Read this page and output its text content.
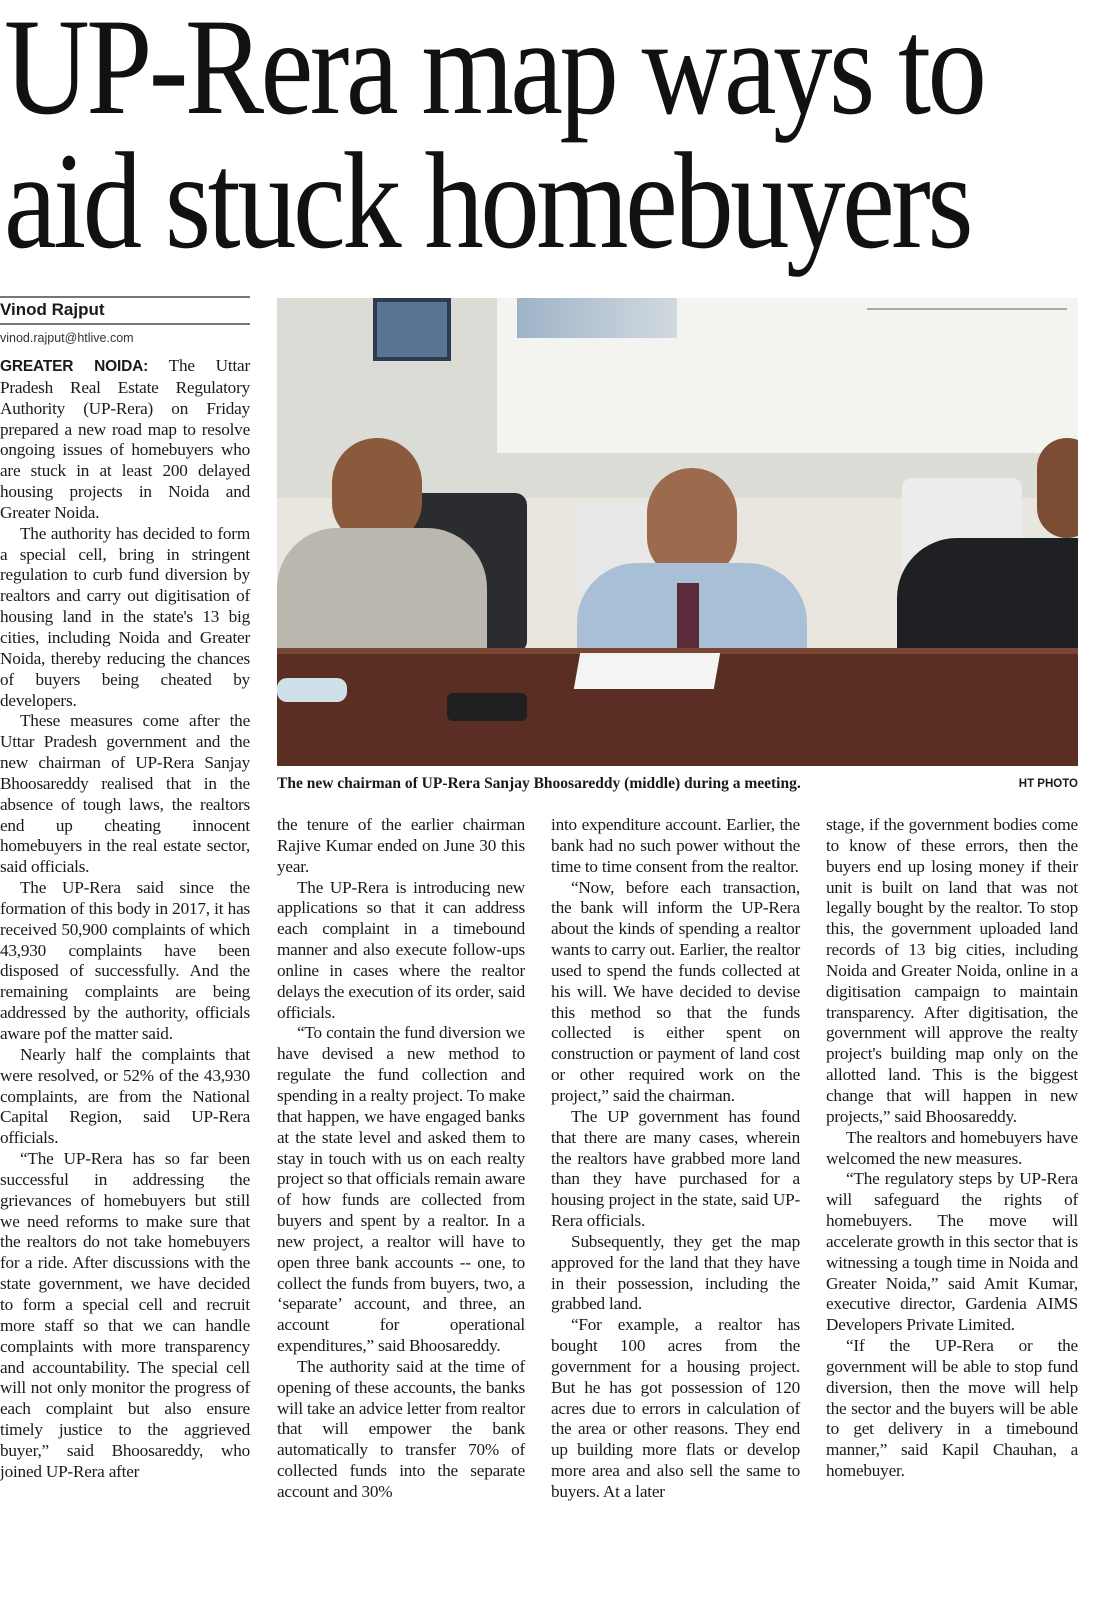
UP-Rera map ways to
aid stuck homebuyers
Vinod Rajput
vinod.rajput@htlive.com

GREATER NOIDA: The Uttar Pradesh Real Estate Regulatory Authority (UP-Rera) on Friday prepared a new road map to resolve ongoing issues of homebuyers who are stuck in at least 200 delayed housing projects in Noida and Greater Noida.

The authority has decided to form a special cell, bring in stringent regulation to curb fund diversion by realtors and carry out digitisation of housing land in the state's 13 big cities, including Noida and Greater Noida, thereby reducing the chances of buyers being cheated by developers.

These measures come after the Uttar Pradesh government and the new chairman of UP-Rera Sanjay Bhoosareddy realised that in the absence of tough laws, the realtors end up cheating innocent homebuyers in the real estate sector, said officials.

The UP-Rera said since the formation of this body in 2017, it has received 50,900 complaints of which 43,930 complaints have been disposed of successfully. And the remaining complaints are being addressed by the authority, officials aware pof the matter said.

Nearly half the complaints that were resolved, or 52% of the 43,930 complaints, are from the National Capital Region, said UP-Rera officials.

“The UP-Rera has so far been successful in addressing the grievances of homebuyers but still we need reforms to make sure that the realtors do not take homebuyers for a ride. After discussions with the state government, we have decided to form a special cell and recruit more staff so that we can handle complaints with more transparency and accountability. The special cell will not only monitor the progress of each complaint but also ensure timely justice to the aggrieved buyer,” said Bhoosareddy, who joined UP-Rera after

The new chairman of UP-Rera Sanjay Bhoosareddy (middle) during a meeting.	HT PHOTO

the tenure of the earlier chairman Rajive Kumar ended on June 30 this year.

The UP-Rera is introducing new applications so that it can address each complaint in a timebound manner and also execute follow-ups online in cases where the realtor delays the execution of its order, said officials.

“To contain the fund diversion we have devised a new method to regulate the fund collection and spending in a realty project. To make that happen, we have engaged banks at the state level and asked them to stay in touch with us on each realty project so that officials remain aware of how funds are collected from buyers and spent by a realtor. In a new project, a realtor will have to open three bank accounts -- one, to collect the funds from buyers, two, a ‘separate’ account, and three, an account for operational expenditures,” said Bhoosareddy.

The authority said at the time of opening of these accounts, the banks will take an advice letter from realtor that will empower the bank automatically to transfer 70% of collected funds into the separate account and 30%

into expenditure account. Earlier, the bank had no such power without the time to time consent from the realtor.

“Now, before each transaction, the bank will inform the UP-Rera about the kinds of spending a realtor wants to carry out. Earlier, the realtor used to spend the funds collected at his will. We have decided to devise this method so that the funds collected is either spent on construction or payment of land cost or other required work on the project,” said the chairman.

The UP government has found that there are many cases, wherein the realtors have grabbed more land than they have purchased for a housing project in the state, said UP-Rera officials.

Subsequently, they get the map approved for the land that they have in their possession, including the grabbed land.

“For example, a realtor has bought 100 acres from the government for a housing project. But he has got possession of 120 acres due to errors in calculation of the area or other reasons. They end up building more flats or develop more area and also sell the same to buyers. At a later

stage, if the government bodies come to know of these errors, then the buyers end up losing money if their unit is built on land that was not legally bought by the realtor. To stop this, the government uploaded land records of 13 big cities, including Noida and Greater Noida, online in a digitisation campaign to maintain transparency. After digitisation, the government will approve the realty project's building map only on the allotted land. This is the biggest change that will happen in new projects,” said Bhoosareddy.

The realtors and homebuyers have welcomed the new measures.

“The regulatory steps by UP-Rera will safeguard the rights of homebuyers. The move will accelerate growth in this sector that is witnessing a tough time in Noida and Greater Noida,” said Amit Kumar, executive director, Gardenia AIMS Developers Private Limited.

“If the UP-Rera or the government will be able to stop fund diversion, then the move will help the sector and the buyers will be able to get delivery in a timebound manner,” said Kapil Chauhan, a homebuyer.
